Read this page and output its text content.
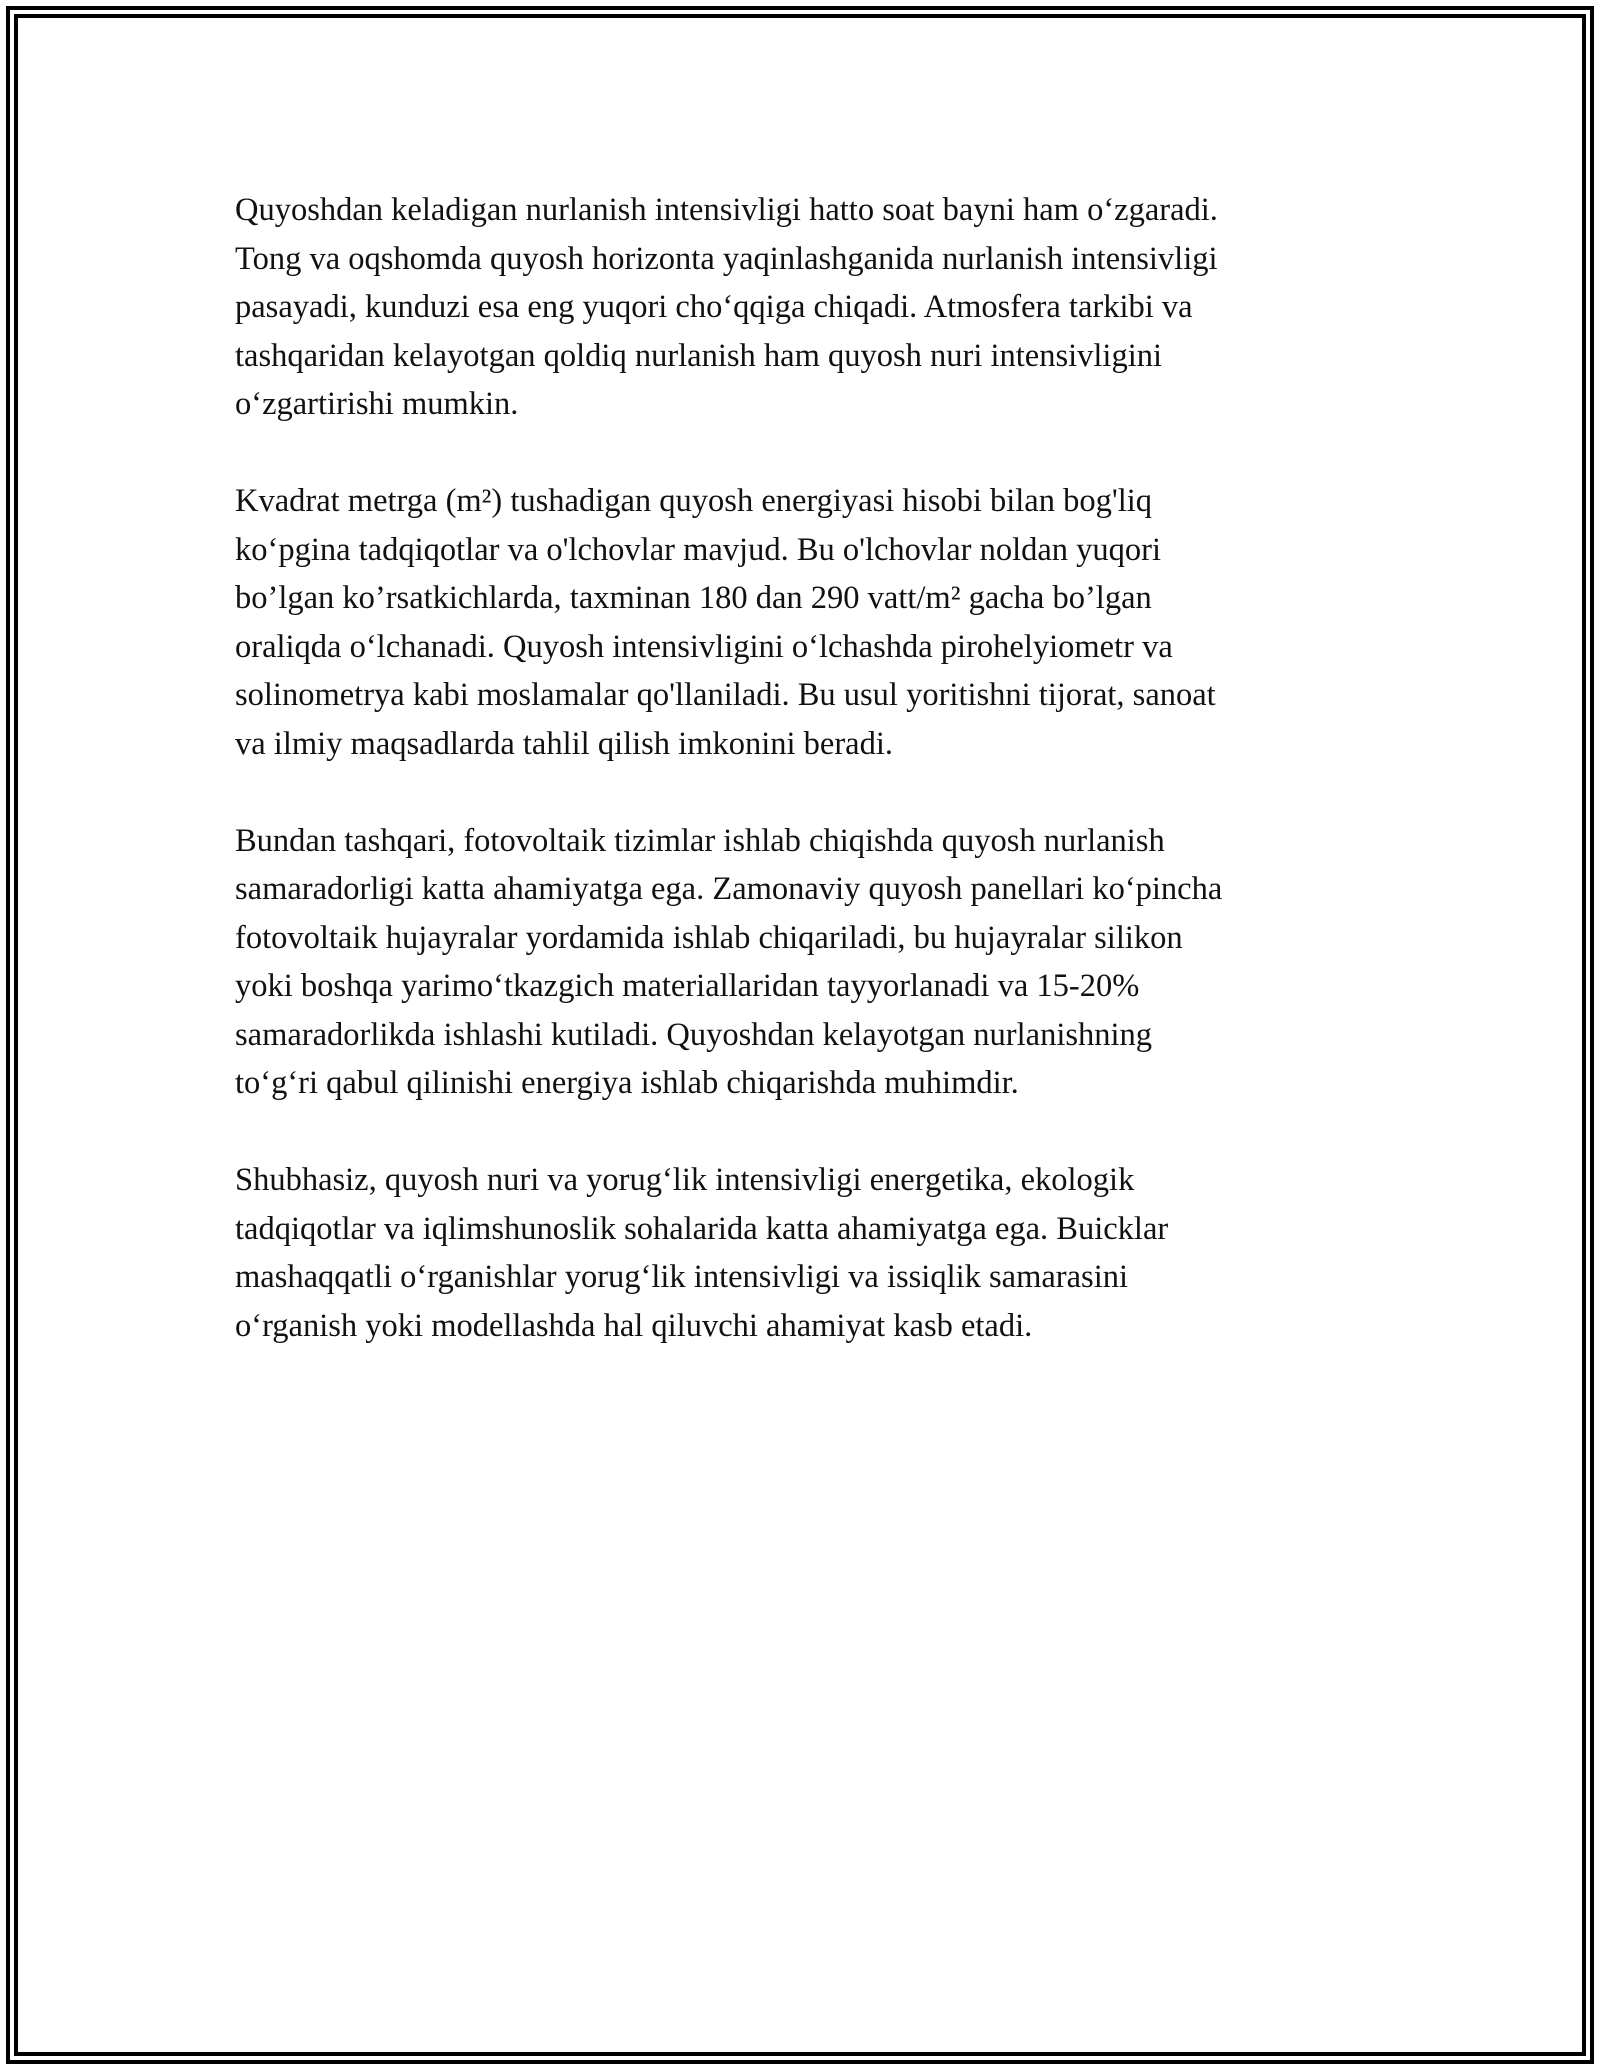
Quyoshdan keladigan nurlanish intensivligi hatto soat bayni ham o‘zgaradi.
Tong va oqshomda quyosh horizonta yaqinlashganida nurlanish intensivligi
pasayadi, kunduzi esa eng yuqori cho‘qqiga chiqadi. Atmosfera tarkibi va
tashqaridan kelayotgan qoldiq nurlanish ham quyosh nuri intensivligini
o‘zgartirishi mumkin.

Kvadrat metrga (m²) tushadigan quyosh energiyasi hisobi bilan bog'liq
ko‘pgina tadqiqotlar va o'lchovlar mavjud. Bu o'lchovlar noldan yuqori
bo’lgan ko’rsatkichlarda, taxminan 180 dan 290 vatt/m² gacha bo’lgan
oraliqda o‘lchanadi. Quyosh intensivligini o‘lchashda pirohelyiometr va
solinometrya kabi moslamalar qo'llaniladi. Bu usul yoritishni tijorat, sanoat
va ilmiy maqsadlarda tahlil qilish imkonini beradi.

Bundan tashqari, fotovoltaik tizimlar ishlab chiqishda quyosh nurlanish
samaradorligi katta ahamiyatga ega. Zamonaviy quyosh panellari ko‘pincha
fotovoltaik hujayralar yordamida ishlab chiqariladi, bu hujayralar silikon
yoki boshqa yarimo‘tkazgich materiallaridan tayyorlanadi va 15-20%
samaradorlikda ishlashi kutiladi. Quyoshdan kelayotgan nurlanishning
to‘g‘ri qabul qilinishi energiya ishlab chiqarishda muhimdir.

Shubhasiz, quyosh nuri va yorug‘lik intensivligi energetika, ekologik
tadqiqotlar va iqlimshunoslik sohalarida katta ahamiyatga ega. Buicklar
mashaqqatli o‘rganishlar yorug‘lik intensivligi va issiqlik samarasini
o‘rganish yoki modellashda hal qiluvchi ahamiyat kasb etadi.
